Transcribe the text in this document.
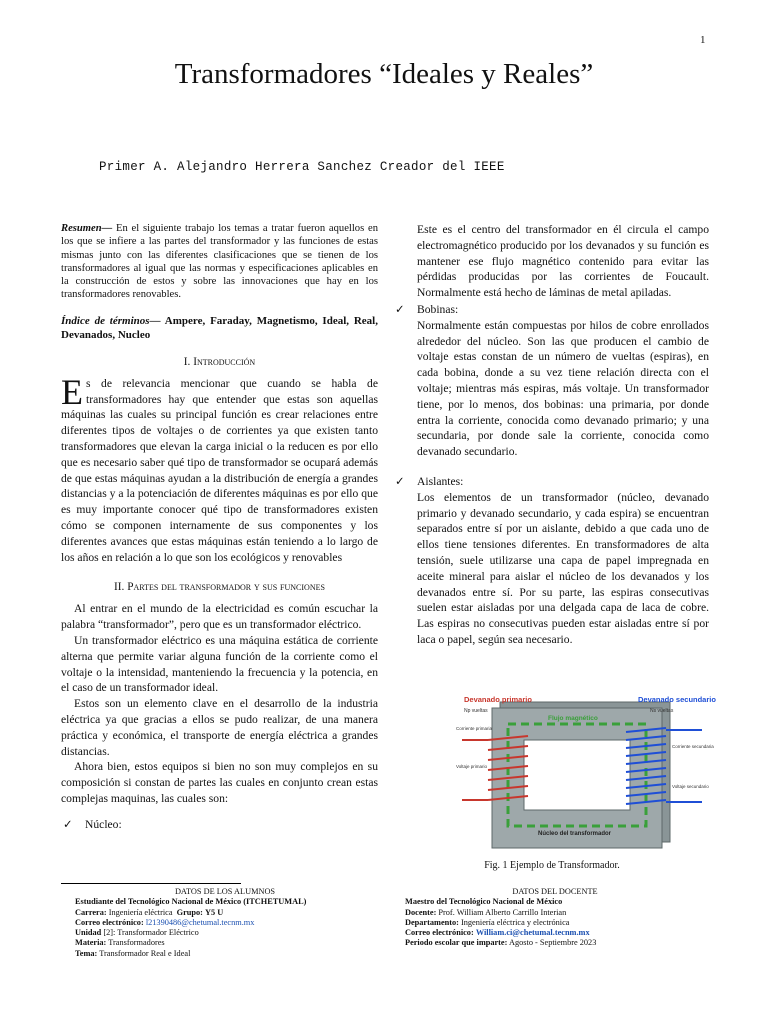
1
Transformadores “Ideales y Reales”
Primer A. Alejandro Herrera Sanchez Creador del IEEE

Resumen— En el siguiente trabajo los temas a tratar fueron aquellos en los que se infiere a las partes del transformador y las funciones de estas mismas junto con las diferentes clasificaciones que se tienen de los transformadores al igual que las normas y especificaciones aplicables en la construcción de estos y sobre las innovaciones que hay en los transformadores renovables.

Índice de términos— Ampere, Faraday, Magnetismo, Ideal, Real, Devanados, Nucleo

I. Introducción

Es de relevancia mencionar que cuando se habla de transformadores hay que entender que estas son aquellas máquinas las cuales su principal función es crear relaciones entre diferentes tipos de voltajes o de corrientes ya que existen tanto transformadores que elevan la carga inicial o la reducen es por ello que es necesario saber qué tipo de transformador se ocupará además de que estas máquinas ayudan a la distribución de energía a grandes distancias y a la potenciación de diferentes máquinas es por ello que es muy importante conocer qué tipo de transformadores existen cómo se componen internamente de sus componentes y los diferentes avances que estas máquinas están teniendo a lo largo de los años en relación a lo que son los ecológicos y renovables

II. Partes del transformador y sus funciones

Al entrar en el mundo de la electricidad es común escuchar la palabra “transformador”, pero que es un transformador eléctrico.

Un transformador eléctrico es una máquina estática de corriente alterna que permite variar alguna función de la corriente como el voltaje o la intensidad, manteniendo la frecuencia y la potencia, en el caso de un transformador ideal.

Estos son un elemento clave en el desarrollo de la industria eléctrica ya que gracias a ellos se pudo realizar, de una manera práctica y económica, el transporte de energía eléctrica a grandes distancias.

Ahora bien, estos equipos si bien no son muy complejos en su composición si constan de partes las cuales en conjunto crean estas complejas maquinas, las cuales son:

✓	Núcleo:

Este es el centro del transformador en él circula el campo electromagnético producido por los devanados y su función es mantener ese flujo magnético contenido para evitar las pérdidas producidas por las corrientes de Foucault. Normalmente está hecho de láminas de metal apiladas.

✓	Bobinas:

Normalmente están compuestas por hilos de cobre enrollados alrededor del núcleo. Son las que producen el cambio de voltaje estas constan de un número de vueltas (espiras), en cada bobina, donde a su vez tiene relación directa con el voltaje; mientras más espiras, más voltaje. Un transformador tiene, por lo menos, dos bobinas: una primaria, por donde entra la corriente, conocida como devanado primario; y una secundaria, por donde sale la corriente, conocida como devanado secundario.

✓	Aislantes:

Los elementos de un transformador (núcleo, devanado primario y devanado secundario, y cada espira) se encuentran separados entre sí por un aislante, debido a que cada uno de ellos tiene tensiones diferentes. En transformadores de alta tensión, suele utilizarse una capa de papel impregnada en aceite mineral para aislar el núcleo de los devanados y los devanados entre sí. Por su parte, las espiras consecutivas suelen estar aisladas por una delgada capa de laca de cobre. Las espiras no consecutivas pueden estar aisladas entre sí por laca o papel, según sea necesario.

Devanado primario
Np vueltas
Devanado secundario
Ns vueltas
Flujo magnético
Núcleo del transformador
Corriente primaria
Voltaje primario
Corriente secundaria
Voltaje secundario
Fig. 1 Ejemplo de Transformador.
DATOS DE LOS ALUMNOS
Estudiante del Tecnológico Nacional de México (ITCHETUMAL)
Carrera: Ingeniería eléctrica Grupo: Y5 U
Correo electrónico: l21390486@chetumal.tecnm.mx
Unidad [2]: Transformador Eléctrico
Materia: Transformadores
Tema: Transformador Real e Ideal
DATOS DEL DOCENTE
Maestro del Tecnológico Nacional de México
Docente: Prof. William Alberto Carrillo Interian
Departamento: Ingeniería eléctrica y electrónica
Correo electrónico: William.ci@chetumal.tecnm.mx
Periodo escolar que imparte: Agosto - Septiembre 2023
